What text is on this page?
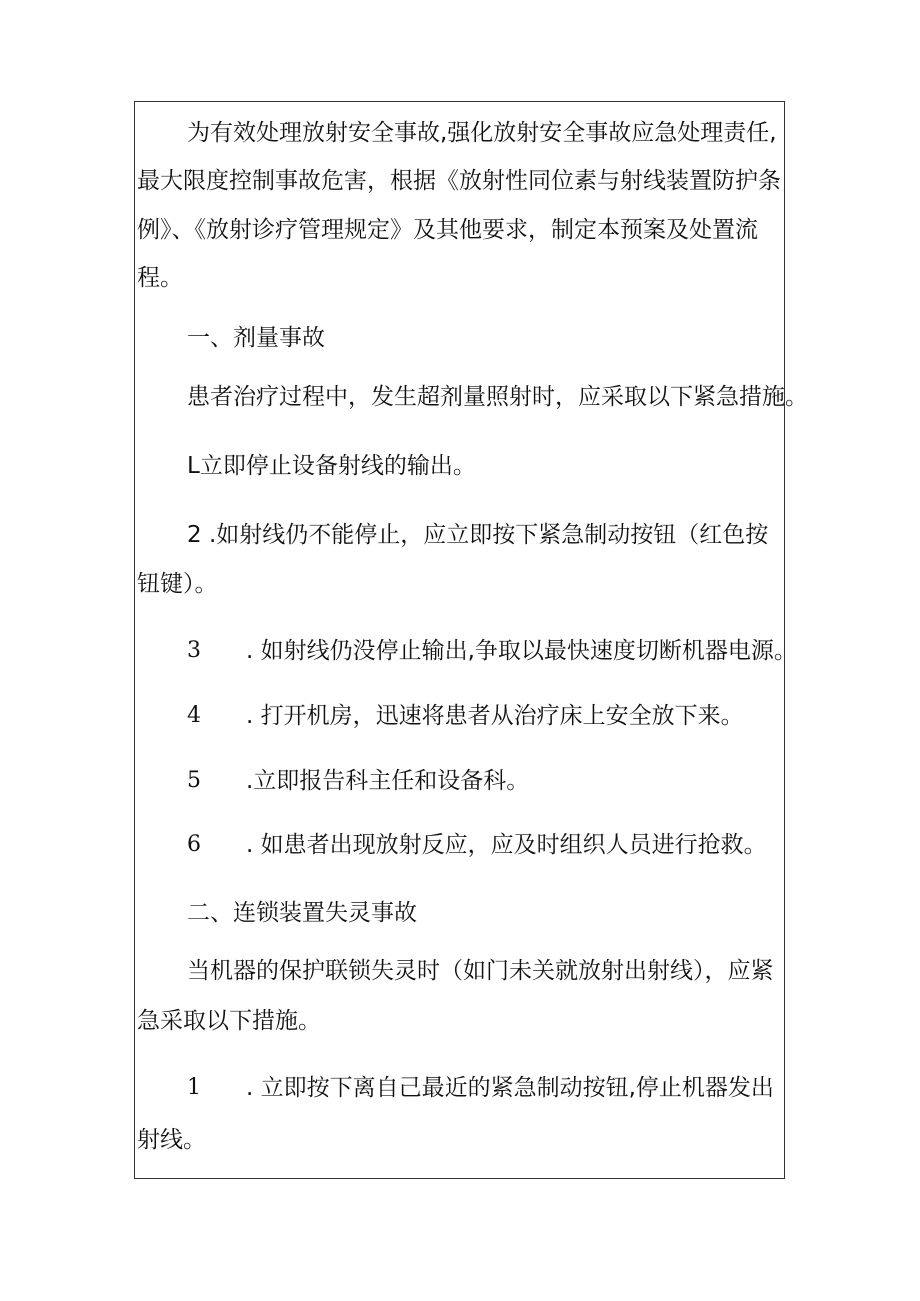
为有效处理放射安全事故,强化放射安全事故应急处理责任,
最大限度控制事故危害，根据《放射性同位素与射线装置防护条
例》、《放射诊疗管理规定》及其他要求，制定本预案及处置流
程。
一、剂量事故
患者治疗过程中，发生超剂量照射时，应采取以下紧急措施。
L立即停止设备射线的输出。
2 .如射线仍不能停止，应立即按下紧急制动按钮（红色按
钮键）。
3 . 如射线仍没停止输出,争取以最快速度切断机器电源。
4 . 打开机房，迅速将患者从治疗床上安全放下来。
5 .立即报告科主任和设备科。
6 . 如患者出现放射反应，应及时组织人员进行抢救。
二、连锁装置失灵事故
当机器的保护联锁失灵时（如门未关就放射出射线），应紧
急采取以下措施。
1 . 立即按下离自己最近的紧急制动按钮,停止机器发出
射线。
